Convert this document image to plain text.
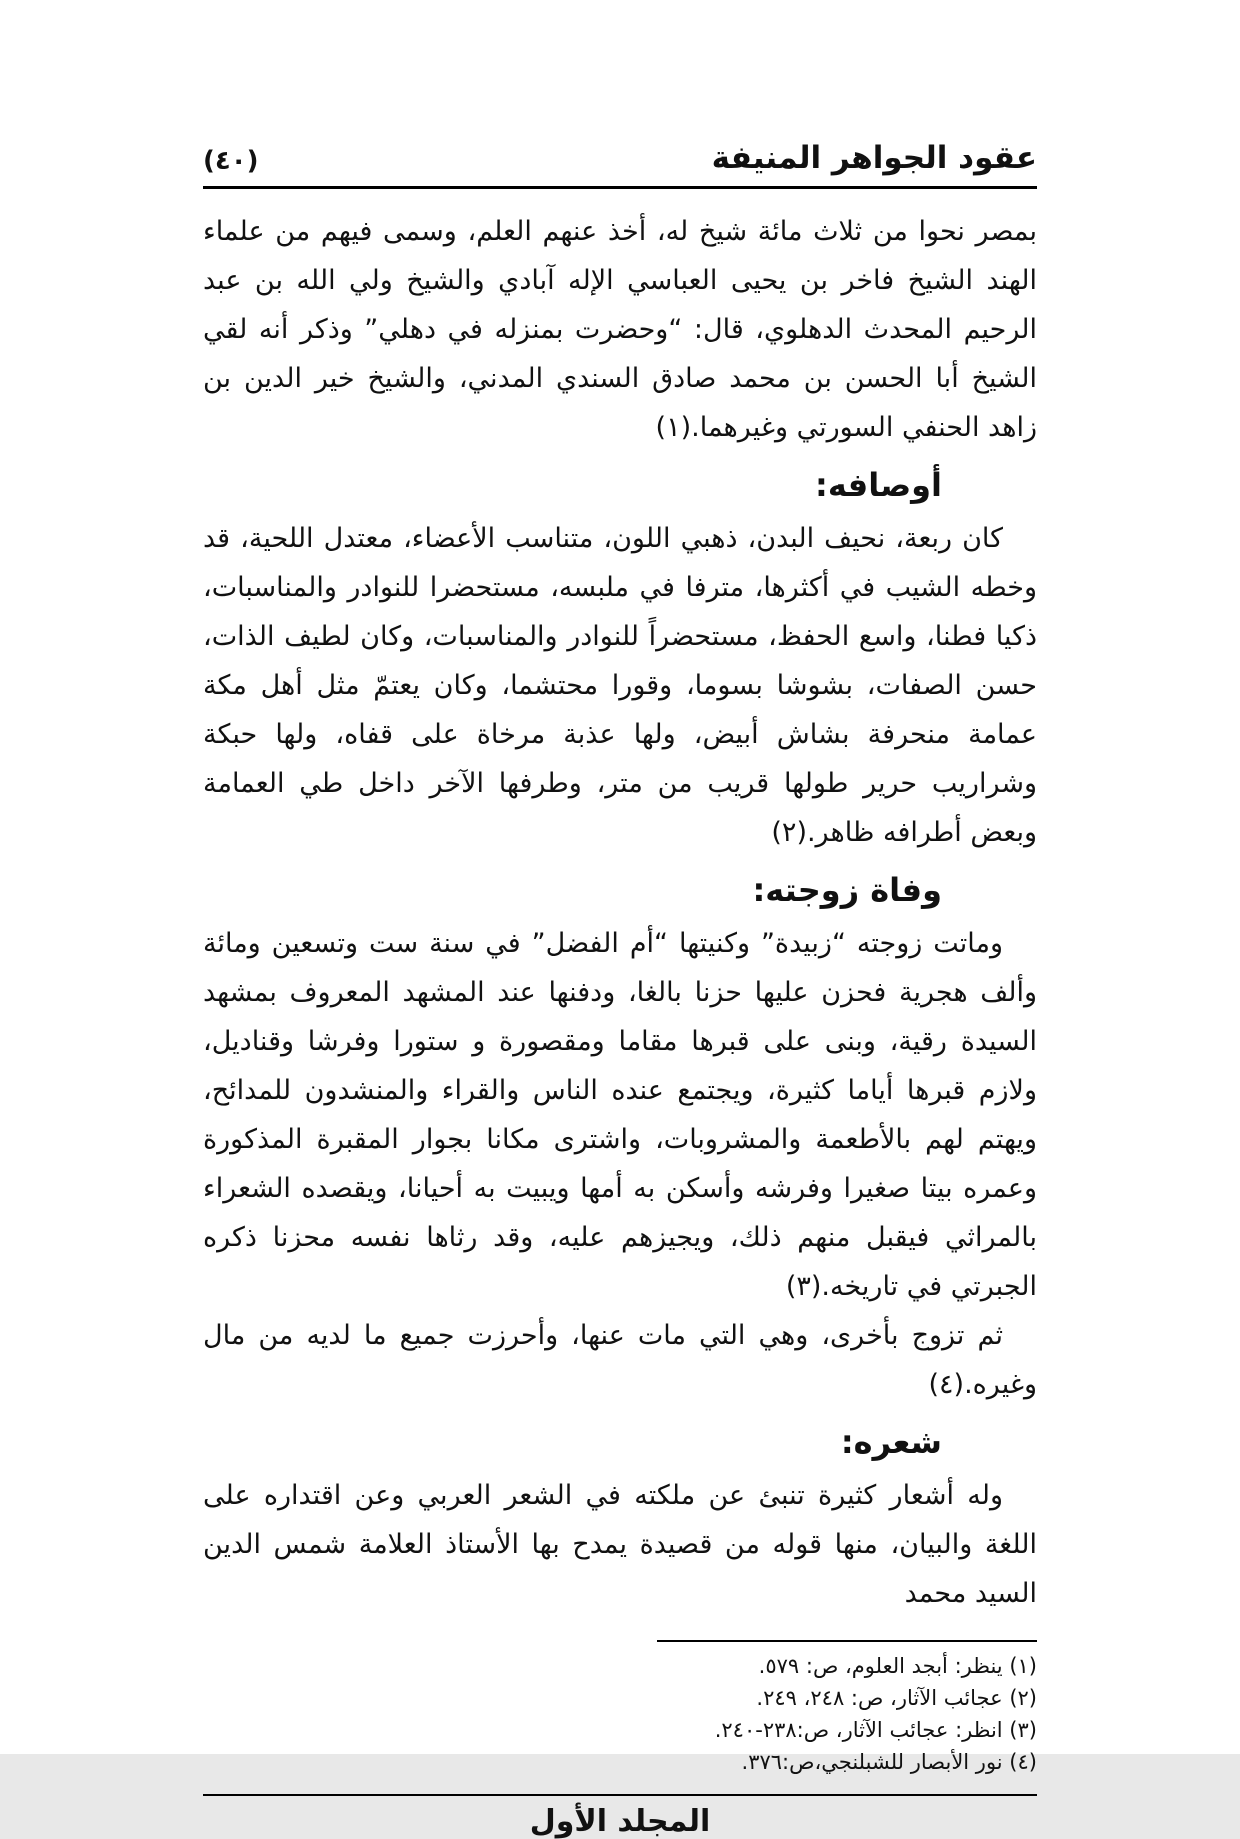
(٤٠)	عقود الجواهر المنيفة

بمصر نحوا من ثلاث مائة شيخ له، أخذ عنهم العلم، وسمى فيهم من علماء الهند الشيخ فاخر بن يحيى العباسي الإله آبادي والشيخ ولي الله بن عبد الرحيم المحدث الدهلوي، قال: “وحضرت بمنزله في دهلي” وذكر أنه لقي الشيخ أبا الحسن بن محمد صادق السندي المدني، والشيخ خير الدين بن زاهد الحنفي السورتي وغيرهما.(١)

أوصافه:

كان ربعة، نحيف البدن، ذهبي اللون، متناسب الأعضاء، معتدل اللحية، قد وخطه الشيب في أكثرها، مترفا في ملبسه، مستحضرا للنوادر والمناسبات، ذكيا فطنا، واسع الحفظ، مستحضراً للنوادر والمناسبات، وكان لطيف الذات، حسن الصفات، بشوشا بسوما، وقورا محتشما، وكان يعتمّ مثل أهل مكة عمامة منحرفة بشاش أبيض، ولها عذبة مرخاة على قفاه، ولها حبكة وشراريب حرير طولها قريب من متر، وطرفها الآخر داخل طي العمامة وبعض أطرافه ظاهر.(٢)

وفاة زوجته:

وماتت زوجته “زبيدة” وكنيتها “أم الفضل” في سنة ست وتسعين ومائة وألف هجرية فحزن عليها حزنا بالغا، ودفنها عند المشهد المعروف بمشهد السيدة رقية، وبنى على قبرها مقاما ومقصورة و ستورا وفرشا وقناديل، ولازم قبرها أياما كثيرة، ويجتمع عنده الناس والقراء والمنشدون للمدائح، ويهتم لهم بالأطعمة والمشروبات، واشترى مكانا بجوار المقبرة المذكورة وعمره بيتا صغيرا وفرشه وأسكن به أمها ويبيت به أحيانا، ويقصده الشعراء بالمراثي فيقبل منهم ذلك، ويجيزهم عليه، وقد رثاها نفسه محزنا ذكره الجبرتي في تاريخه.(٣)

ثم تزوج بأخرى، وهي التي مات عنها، وأحرزت جميع ما لديه من مال وغيره.(٤)

شعره:

وله أشعار كثيرة تنبئ عن ملكته في الشعر العربي وعن اقتداره على اللغة والبيان، منها قوله من قصيدة يمدح بها الأستاذ العلامة شمس الدين السيد محمد

(١) ينظر: أبجد العلوم، ص: ٥٧٩.

(٢) عجائب الآثار، ص: ٢٤٨، ٢٤٩.

(٣) انظر: عجائب الآثار، ص:٢٣٨-٢٤٠.

(٤) نور الأبصار للشبلنجي،ص:٣٧٦.

المجلد الأول
